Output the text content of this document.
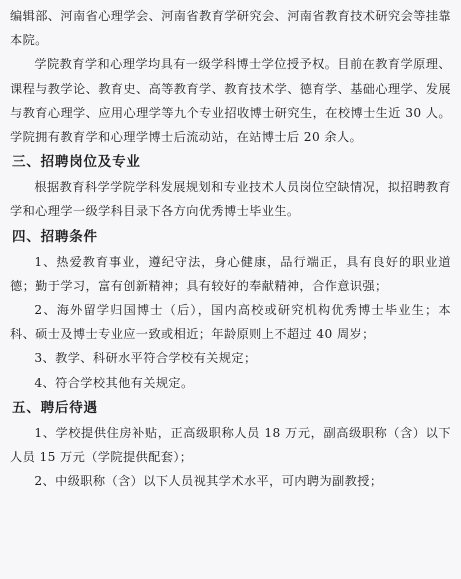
编辑部、河南省心理学会、河南省教育学研究会、河南省教育技术研究会等挂靠本院。

学院教育学和心理学均具有一级学科博士学位授予权。目前在教育学原理、课程与教学论、教育史、高等教育学、教育技术学、德育学、基础心理学、发展与教育心理学、应用心理学等九个专业招收博士研究生，在校博士生近 30 人。学院拥有教育学和心理学博士后流动站，在站博士后 20 余人。

三、招聘岗位及专业

根据教育科学学院学科发展规划和专业技术人员岗位空缺情况，拟招聘教育学和心理学一级学科目录下各方向优秀博士毕业生。

四、招聘条件

1、热爱教育事业，遵纪守法，身心健康，品行端正，具有良好的职业道德；勤于学习，富有创新精神；具有较好的奉献精神，合作意识强；

2、海外留学归国博士（后），国内高校或研究机构优秀博士毕业生；本科、硕士及博士专业应一致或相近；年龄原则上不超过 40 周岁；

3、教学、科研水平符合学校有关规定；

4、符合学校其他有关规定。

五、聘后待遇

1、学校提供住房补贴，正高级职称人员 18 万元，副高级职称（含）以下人员 15 万元（学院提供配套）；

2、中级职称（含）以下人员视其学术水平，可内聘为副教授；
